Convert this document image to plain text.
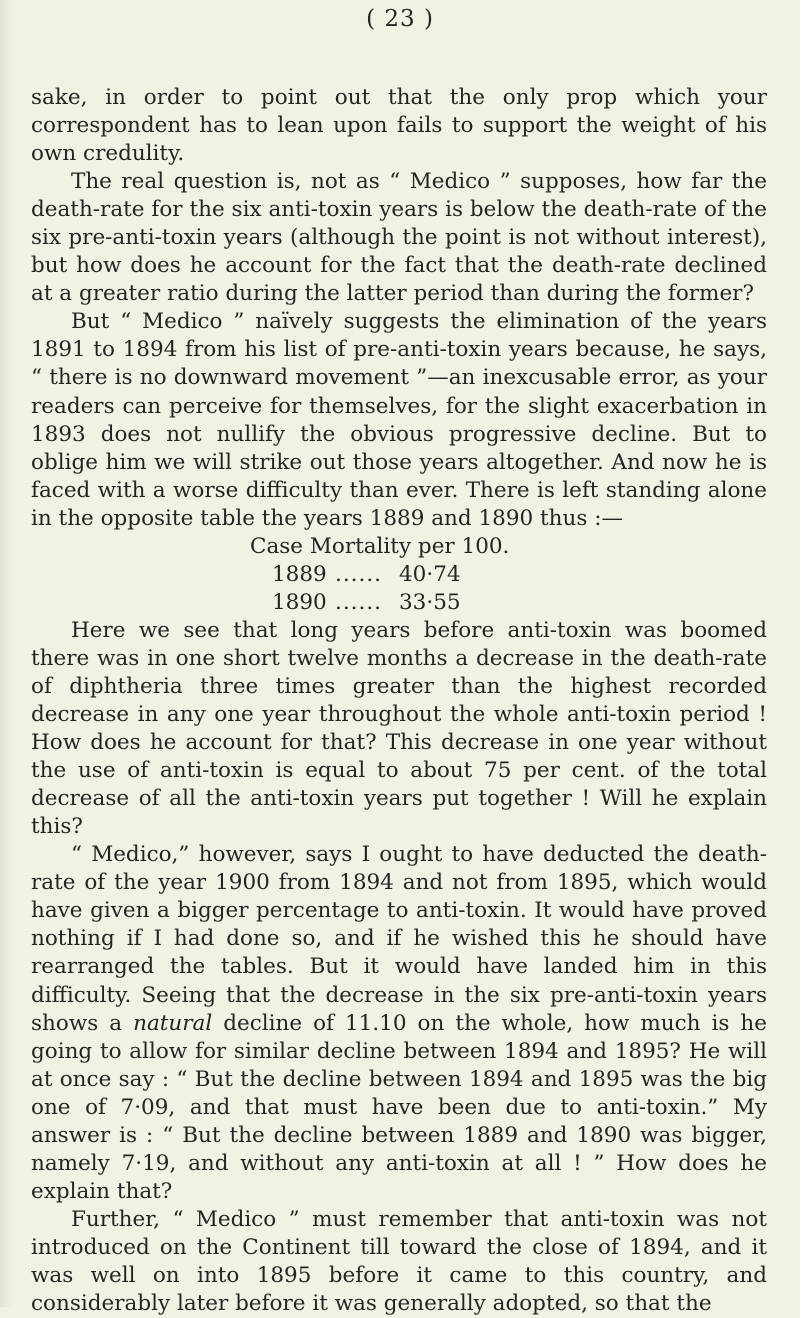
( 23 )

sake, in order to point out that the only prop which your correspondent has to lean upon fails to support the weight of his own credulity.

The real question is, not as “ Medico ” supposes, how far the death-rate for the six anti-toxin years is below the death-rate of the six pre-anti-toxin years (although the point is not without interest), but how does he account for the fact that the death-rate declined at a greater ratio during the latter period than during the former?

But “ Medico ” naïvely suggests the elimination of the years 1891 to 1894 from his list of pre-anti-toxin years because, he says, “ there is no downward movement ”—an inexcusable error, as your readers can perceive for themselves, for the slight exacerbation in 1893 does not nullify the obvious progressive decline. But to oblige him we will strike out those years altogether. And now he is faced with a worse difficulty than ever. There is left standing alone in the opposite table the years 1889 and 1890 thus :—

Case Mortality per 100.
1889 ...... 40·74
1890 ...... 33·55

Here we see that long years before anti-toxin was boomed there was in one short twelve months a decrease in the death-rate of diphtheria three times greater than the highest recorded decrease in any one year throughout the whole anti-toxin period ! How does he account for that? This decrease in one year without the use of anti-toxin is equal to about 75 per cent. of the total decrease of all the anti-toxin years put together ! Will he explain this?

“ Medico,” however, says I ought to have deducted the death-rate of the year 1900 from 1894 and not from 1895, which would have given a bigger percentage to anti-toxin. It would have proved nothing if I had done so, and if he wished this he should have rearranged the tables. But it would have landed him in this difficulty. Seeing that the decrease in the six pre-anti-toxin years shows a natural decline of 11.10 on the whole, how much is he going to allow for similar decline between 1894 and 1895? He will at once say : “ But the decline between 1894 and 1895 was the big one of 7·09, and that must have been due to anti-toxin.” My answer is : “ But the decline between 1889 and 1890 was bigger, namely 7·19, and without any anti-toxin at all ! ” How does he explain that?

Further, “ Medico ” must remember that anti-toxin was not introduced on the Continent till toward the close of 1894, and it was well on into 1895 before it came to this country, and considerably later before it was generally adopted, so that the
